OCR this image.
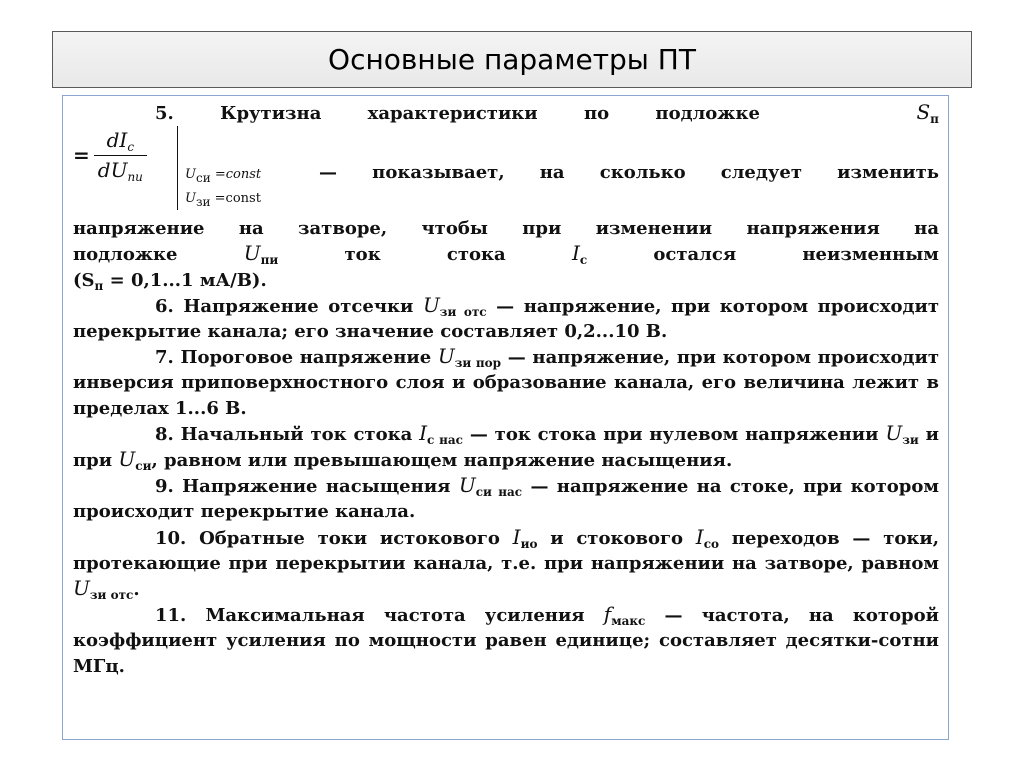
Основные параметры ПТ

5. Крутизна характеристики по подложке	$S_п$

= $\frac{dI_с}{dU_{пи}}$	$U_{си}$ =const
$U_{зи}$ =const
— показывает, на сколько следует изменить

напряжение на затворе, чтобы при изменении напряжения на
подложке	$U_{пи}$	ток стока	$I_с$	остался неизменным
($S_п = 0,1...1$ мА/В).

6. Напряжение отсечки $U_{зи отс}$ — напряжение, при котором происходит перекрытие канала; его значение составляет 0,2...10 В.

7. Пороговое напряжение $U_{зи пор}$ — напряжение, при котором происходит инверсия приповерхностного слоя и образование канала, его величина лежит в пределах 1...6 В.

8. Начальный ток стока $I_{с нас}$ — ток стока при нулевом напряжении $U_{зи}$ и при $U_{си}$, равном или превышающем напряжение насыщения.

9. Напряжение насыщения $U_{си нас}$ — напряжение на стоке, при котором происходит перекрытие канала.

10. Обратные токи истокового $I_{ио}$ и стокового $I_{со}$ переходов — токи, протекающие при перекрытии канала, т.е. при напряжении на затворе, равном $U_{зи отс}$.

11. Максимальная частота усиления $f_{макс}$ — частота, на которой коэффициент усиления по мощности равен единице; составляет десятки-сотни МГц.
